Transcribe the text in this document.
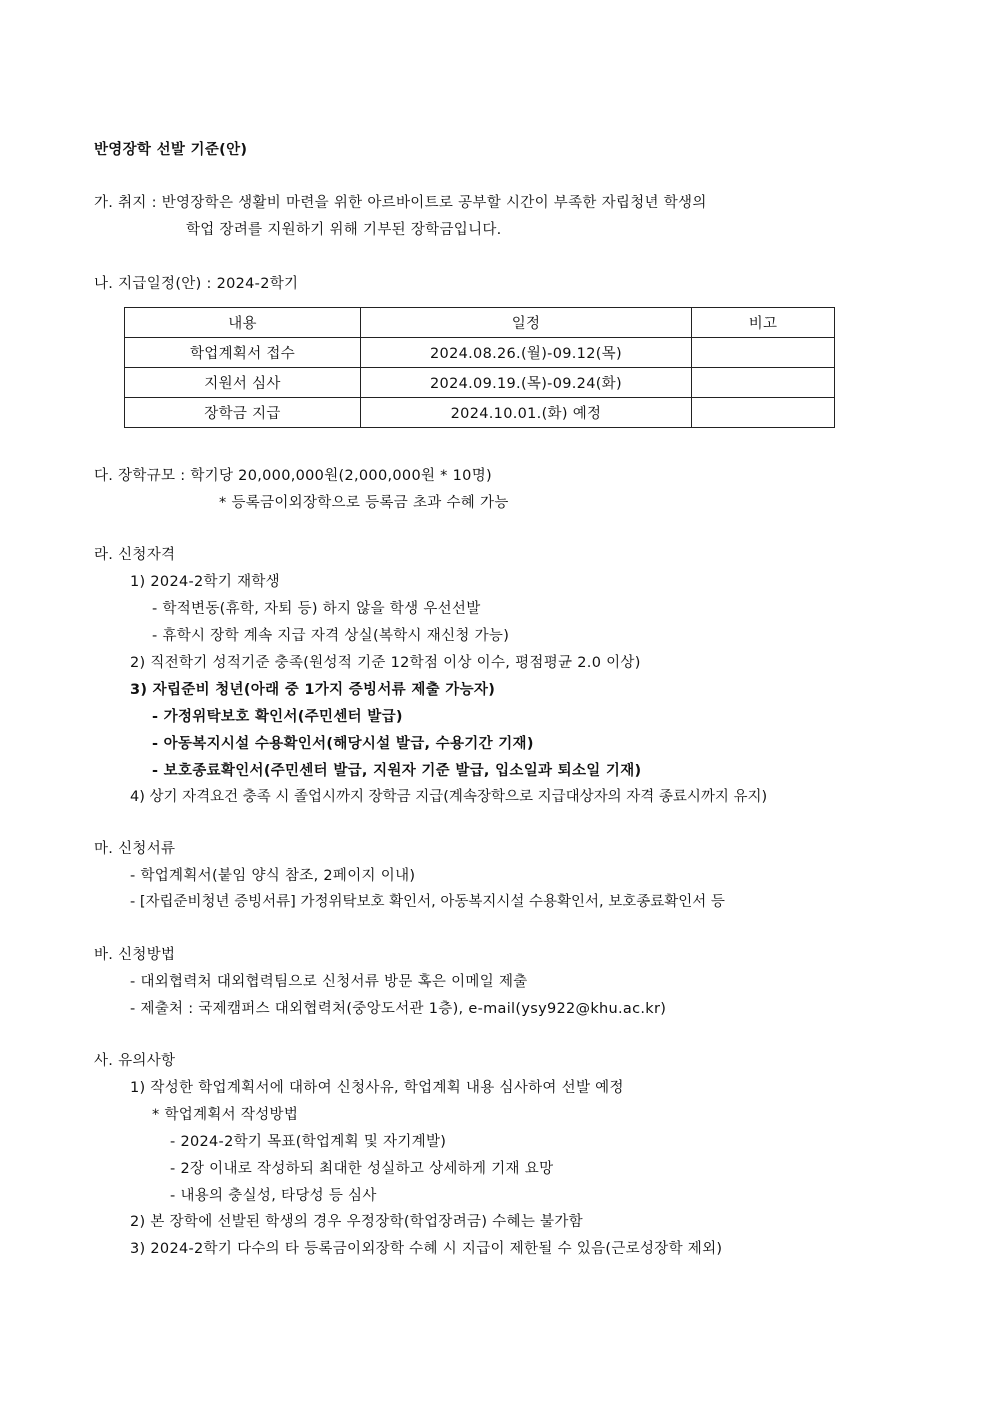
반영장학 선발 기준(안)
가. 취지 : 반영장학은 생활비 마련을 위한 아르바이트로 공부할 시간이 부족한 자립청년 학생의
학업 장려를 지원하기 위해 기부된 장학금입니다.
나. 지급일정(안) : 2024-2학기
내용	일정	비고
학업계획서 접수	2024.08.26.(월)-09.12(목)	
지원서 심사	2024.09.19.(목)-09.24(화)	
장학금 지급	2024.10.01.(화) 예정	
다. 장학규모 : 학기당 20,000,000원(2,000,000원 * 10명)
* 등록금이외장학으로 등록금 초과 수혜 가능
라. 신청자격
1) 2024-2학기 재학생
- 학적변동(휴학, 자퇴 등) 하지 않을 학생 우선선발
- 휴학시 장학 계속 지급 자격 상실(복학시 재신청 가능)
2) 직전학기 성적기준 충족(원성적 기준 12학점 이상 이수, 평점평균 2.0 이상)
3) 자립준비 청년(아래 중 1가지 증빙서류 제출 가능자)
- 가정위탁보호 확인서(주민센터 발급)
- 아동복지시설 수용확인서(해당시설 발급, 수용기간 기재)
- 보호종료확인서(주민센터 발급, 지원자 기준 발급, 입소일과 퇴소일 기재)
4) 상기 자격요건 충족 시 졸업시까지 장학금 지급(계속장학으로 지급대상자의 자격 종료시까지 유지)
마. 신청서류
- 학업계획서(붙임 양식 참조, 2페이지 이내)
- [자립준비청년 증빙서류] 가정위탁보호 확인서, 아동복지시설 수용확인서, 보호종료확인서 등
바. 신청방법
- 대외협력처 대외협력팀으로 신청서류 방문 혹은 이메일 제출
- 제출처 : 국제캠퍼스 대외협력처(중앙도서관 1층), e-mail(ysy922@khu.ac.kr)
사. 유의사항
1) 작성한 학업계획서에 대하여 신청사유, 학업계획 내용 심사하여 선발 예정
* 학업계획서 작성방법
- 2024-2학기 목표(학업계획 및 자기계발)
- 2장 이내로 작성하되 최대한 성실하고 상세하게 기재 요망
- 내용의 충실성, 타당성 등 심사
2) 본 장학에 선발된 학생의 경우 우정장학(학업장려금) 수혜는 불가함
3) 2024-2학기 다수의 타 등록금이외장학 수혜 시 지급이 제한될 수 있음(근로성장학 제외)
